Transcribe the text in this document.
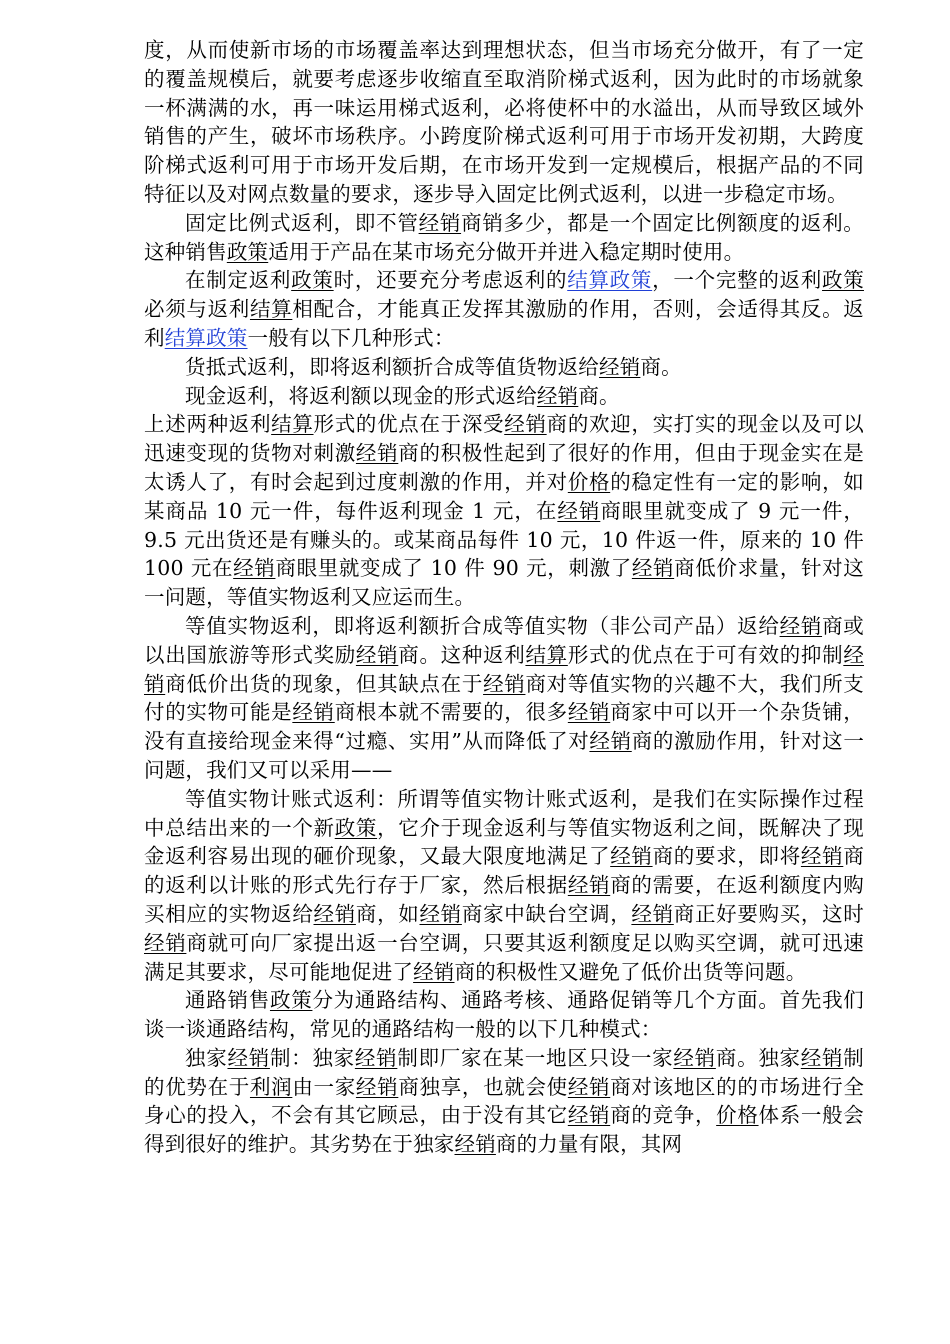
度，从而使新市场的市场覆盖率达到理想状态，但当市场充分做开，有了一定的覆盖规模后，就要考虑逐步收缩直至取消阶梯式返利，因为此时的市场就象一杯满满的水，再一味运用梯式返利，必将使杯中的水溢出，从而导致区域外销售的产生，破坏市场秩序。小跨度阶梯式返利可用于市场开发初期，大跨度阶梯式返利可用于市场开发后期，在市场开发到一定规模后，根据产品的不同特征以及对网点数量的要求，逐步导入固定比例式返利，以进一步稳定市场。

固定比例式返利，即不管经销商销多少，都是一个固定比例额度的返利。这种销售政策适用于产品在某市场充分做开并进入稳定期时使用。

在制定返利政策时，还要充分考虑返利的结算政策，一个完整的返利政策必须与返利结算相配合，才能真正发挥其激励的作用，否则，会适得其反。返利结算政策一般有以下几种形式：

货抵式返利，即将返利额折合成等值货物返给经销商。

现金返利，将返利额以现金的形式返给经销商。

上述两种返利结算形式的优点在于深受经销商的欢迎，实打实的现金以及可以迅速变现的货物对刺激经销商的积极性起到了很好的作用，但由于现金实在是太诱人了，有时会起到过度刺激的作用，并对价格的稳定性有一定的影响，如某商品 10 元一件，每件返利现金 1 元，在经销商眼里就变成了 9 元一件，9.5 元出货还是有赚头的。或某商品每件 10 元，10 件返一件，原来的 10 件 100 元在经销商眼里就变成了 10 件 90 元，刺激了经销商低价求量，针对这一问题，等值实物返利又应运而生。

等值实物返利，即将返利额折合成等值实物（非公司产品）返给经销商或以出国旅游等形式奖励经销商。这种返利结算形式的优点在于可有效的抑制经销商低价出货的现象，但其缺点在于经销商对等值实物的兴趣不大，我们所支付的实物可能是经销商根本就不需要的，很多经销商家中可以开一个杂货铺，没有直接给现金来得“过瘾、实用”从而降低了对经销商的激励作用，针对这一问题，我们又可以采用——

等值实物计账式返利：所谓等值实物计账式返利，是我们在实际操作过程中总结出来的一个新政策，它介于现金返利与等值实物返利之间，既解决了现金返利容易出现的砸价现象，又最大限度地满足了经销商的要求，即将经销商的返利以计账的形式先行存于厂家，然后根据经销商的需要，在返利额度内购买相应的实物返给经销商，如经销商家中缺台空调，经销商正好要购买，这时经销商就可向厂家提出返一台空调，只要其返利额度足以购买空调，就可迅速满足其要求，尽可能地促进了经销商的积极性又避免了低价出货等问题。

通路销售政策分为通路结构、通路考核、通路促销等几个方面。首先我们谈一谈通路结构，常见的通路结构一般的以下几种模式：

独家经销制：独家经销制即厂家在某一地区只设一家经销商。独家经销制的优势在于利润由一家经销商独享，也就会使经销商对该地区的的市场进行全身心的投入，不会有其它顾忌，由于没有其它经销商的竞争，价格体系一般会得到很好的维护。其劣势在于独家经销商的力量有限，其网
